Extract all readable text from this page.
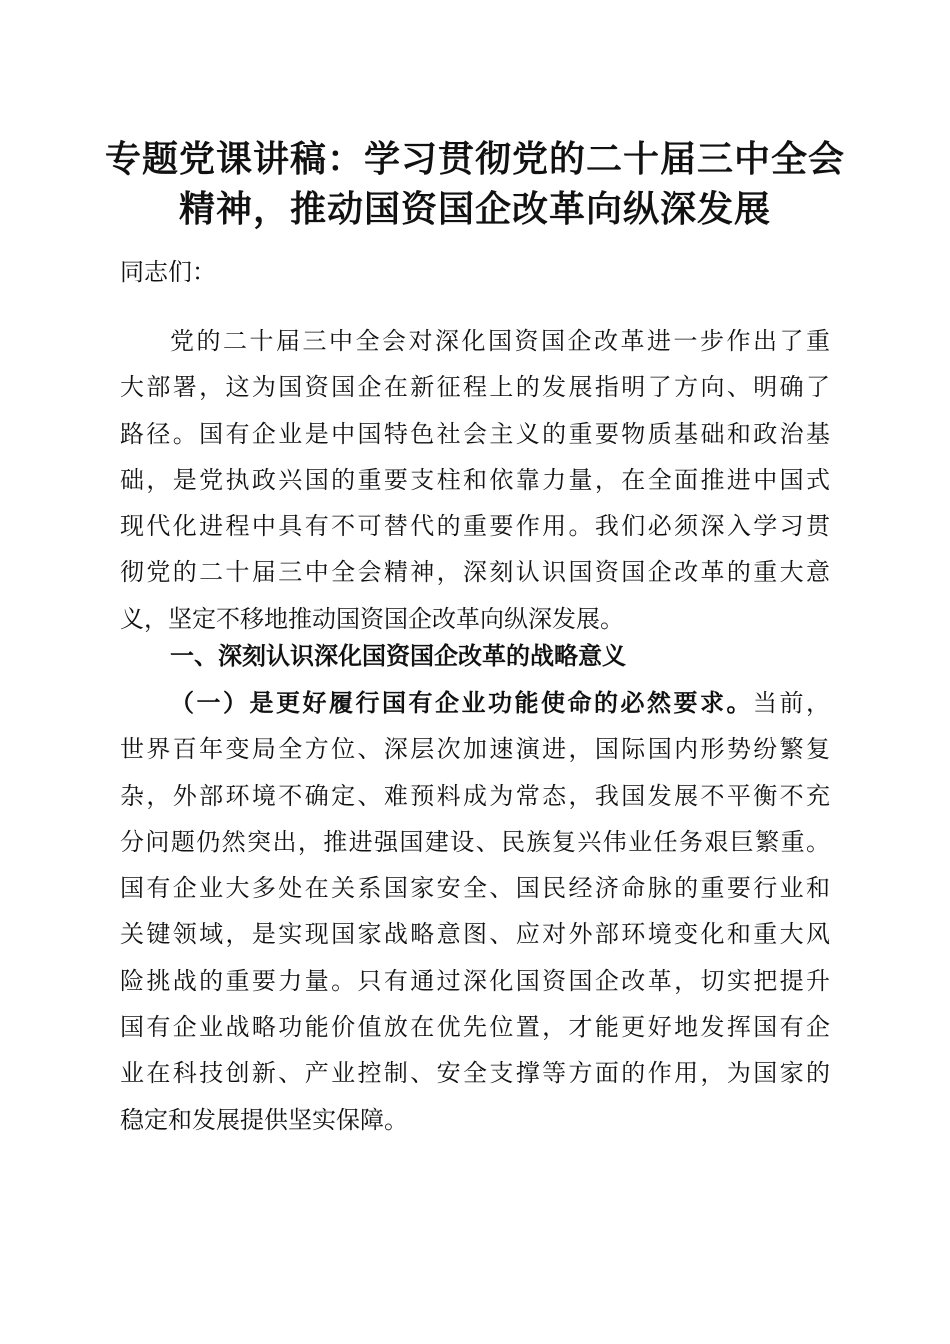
专题党课讲稿：学习贯彻党的二十届三中全会
精神，推动国资国企改革向纵深发展

同志们：

党的二十届三中全会对深化国资国企改革进一步作出了重
大部署，这为国资国企在新征程上的发展指明了方向、明确了
路径。国有企业是中国特色社会主义的重要物质基础和政治基
础，是党执政兴国的重要支柱和依靠力量，在全面推进中国式
现代化进程中具有不可替代的重要作用。我们必须深入学习贯
彻党的二十届三中全会精神，深刻认识国资国企改革的重大意
义，坚定不移地推动国资国企改革向纵深发展。
一、深刻认识深化国资国企改革的战略意义
（一）是更好履行国有企业功能使命的必然要求。当前，
世界百年变局全方位、深层次加速演进，国际国内形势纷繁复
杂，外部环境不确定、难预料成为常态，我国发展不平衡不充
分问题仍然突出，推进强国建设、民族复兴伟业任务艰巨繁重。
国有企业大多处在关系国家安全、国民经济命脉的重要行业和
关键领域，是实现国家战略意图、应对外部环境变化和重大风
险挑战的重要力量。只有通过深化国资国企改革，切实把提升
国有企业战略功能价值放在优先位置，才能更好地发挥国有企
业在科技创新、产业控制、安全支撑等方面的作用，为国家的
稳定和发展提供坚实保障。
